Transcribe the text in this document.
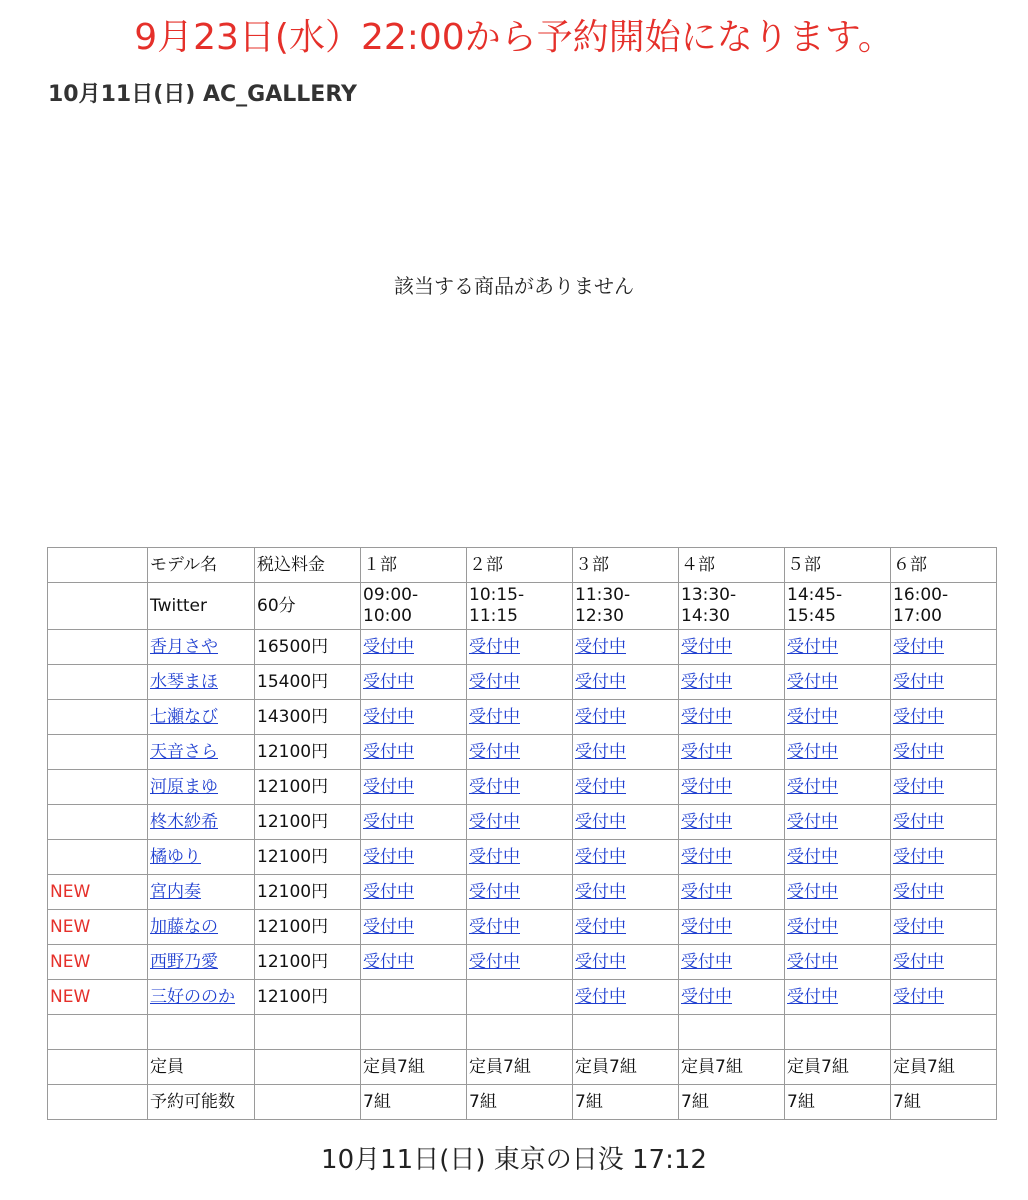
9月23日(水）22:00から予約開始になります。
10月11日(日) AC_GALLERY
該当する商品がありません
	モデル名	税込料金	１部	２部	３部	４部	５部	６部
	Twitter	60分	09:00-10:00	10:15-11:15	11:30-12:30	13:30-14:30	14:45-15:45	16:00-17:00
	香月さや	16500円	受付中	受付中	受付中	受付中	受付中	受付中
	水琴まほ	15400円	受付中	受付中	受付中	受付中	受付中	受付中
	七瀬なび	14300円	受付中	受付中	受付中	受付中	受付中	受付中
	天音さら	12100円	受付中	受付中	受付中	受付中	受付中	受付中
	河原まゆ	12100円	受付中	受付中	受付中	受付中	受付中	受付中
	柊木紗希	12100円	受付中	受付中	受付中	受付中	受付中	受付中
	橘ゆり	12100円	受付中	受付中	受付中	受付中	受付中	受付中
NEW	宮内奏	12100円	受付中	受付中	受付中	受付中	受付中	受付中
NEW	加藤なの	12100円	受付中	受付中	受付中	受付中	受付中	受付中
NEW	西野乃愛	12100円	受付中	受付中	受付中	受付中	受付中	受付中
NEW	三好ののか	12100円			受付中	受付中	受付中	受付中

	定員		定員7組	定員7組	定員7組	定員7組	定員7組	定員7組
	予約可能数		7組	7組	7組	7組	7組	7組
10月11日(日) 東京の日没 17:12
